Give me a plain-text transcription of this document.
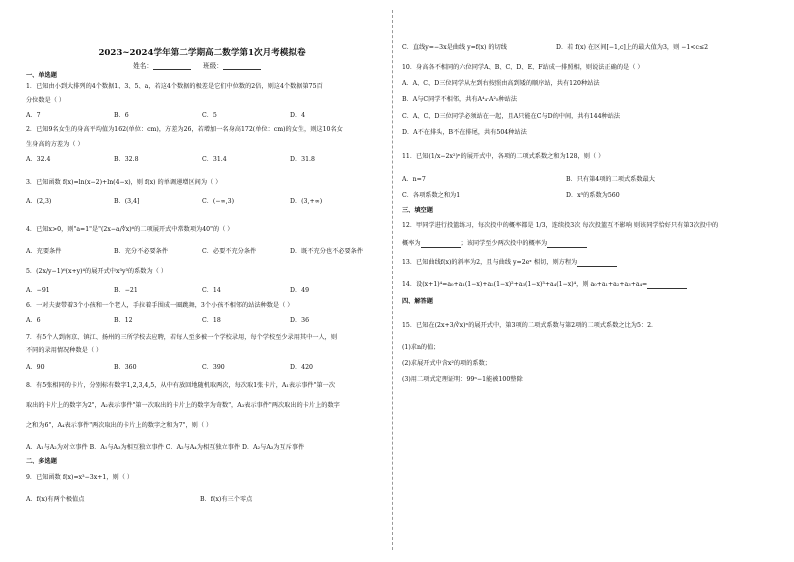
2023~2024学年第二学期高二数学第1次月考模拟卷
姓名：	班级：
一、单选题
1．已知由小到大排列的4个数据1、3、5、a，若这4个数据的极差是它们中位数的2倍，则这4个数据第75百
分位数是（ ）
A．7	B．6	C．5	D．4
2．已知9名女生的身高平均值为162(单位：cm)，方差为26，若增加一名身高172(单位：cm)的女生，则这10名女
生身高的方差为（ ）
A．32.4	B．32.8	C．31.4	D．31.8
3．已知函数 f(x)=ln(x−2)+ln(4−x)，则 f(x) 的单调递增区间为（ ）
A．(2,3)	B．(3,4]	C．(−∞,3)	D．(3,+∞)
4．已知x>0，则"a=1"是"(2x−a/∜x)⁶的二项展开式中常数项为40"的（ ）
A．充要条件	B．充分不必要条件	C．必要不充分条件	D．既不充分也不必要条件
5．(2x/y−1)⁶(x+y)⁴的展开式中x³y³的系数为（ ）
A．−91	B．−21	C．14	D．49
6．一对夫妻带着3个小孩和一个老人，手拉着手围成一圈跳舞，3个小孩不相邻的站法种数是（ ）
A．6	B．12	C．18	D．36
7．有5个人到南京、镇江、扬州的三所学校去应聘，若每人至多被一个学校录用，每个学校至少录用其中一人，则
不同的录用情况种数是（ ）
A．90	B．360	C．390	D．420
8．有5张相同的卡片，分别标有数字1,2,3,4,5，从中有放回地随机取两次，每次取1张卡片，A₁表示事件"第一次
取出的卡片上的数字为2"，A₂表示事件"第一次取出的卡片上的数字为奇数"，A₃表示事件"两次取出的卡片上的数字
之和为6"，A₄表示事件"两次取出的卡片上的数字之和为7"，则（ ）
A．A₁与A₂为对立事件 B．A₁与A₃为相互独立事件 C．A₂与A₄为相互独立事件 D．A₂与A₃为互斥事件
二、多选题
9．已知函数 f(x)=x³−3x+1，则（ ）
A．f(x)有两个极值点	B．f(x)有三个零点
C．直线y=−3x是曲线 y=f(x) 的切线	D．若 f(x) 在区间[−1,c]上的最大值为3，则 −1<c≤2
10．身高各不相同的六位同学A、B、C、D、E、F站成一排照相，则说法正确的是（ ）
A．A、C、D三位同学从左到右按照由高到矮的顺序站，共有120种站法
B．A与C同学不相邻，共有A⁴₄·A²₅种站法
C．A、C、D三位同学必须站在一起，且A只能在C与D的中间，共有144种站法
D．A不在排头，B不在排尾，共有504种站法
11．已知(1/x−2x²)ⁿ的展开式中，各项的二项式系数之和为128，则（ ）
A．n=7	B．只有第4项的二项式系数最大
C．各项系数之和为1	D．x⁵的系数为560
三、填空题
12．甲同学进行投篮练习，每次投中的概率都是 1/3，连续投3次 每次投篮互不影响 则该同学恰好只有第3次投中的
概率为	；该同学至少两次投中的概率为
13．已知曲线f(x)的斜率为2，且与曲线 y=2eˣ 相切，则方程为
14．设(x+1)⁴=a₀+a₁(1−x)+a₂(1−x)²+a₃(1−x)³+a₄(1−x)⁴，则 a₀+a₁+a₂+a₃+a₄=
四、解答题
15．已知在(2x+3/∛x)ⁿ的展开式中，第3项的二项式系数与第2项的二项式系数之比为5：2．
(1)求n的值；
(2)求展开式中含x²的项的系数；
(3)用二项式定理证明：99ⁿ−1能被100整除
